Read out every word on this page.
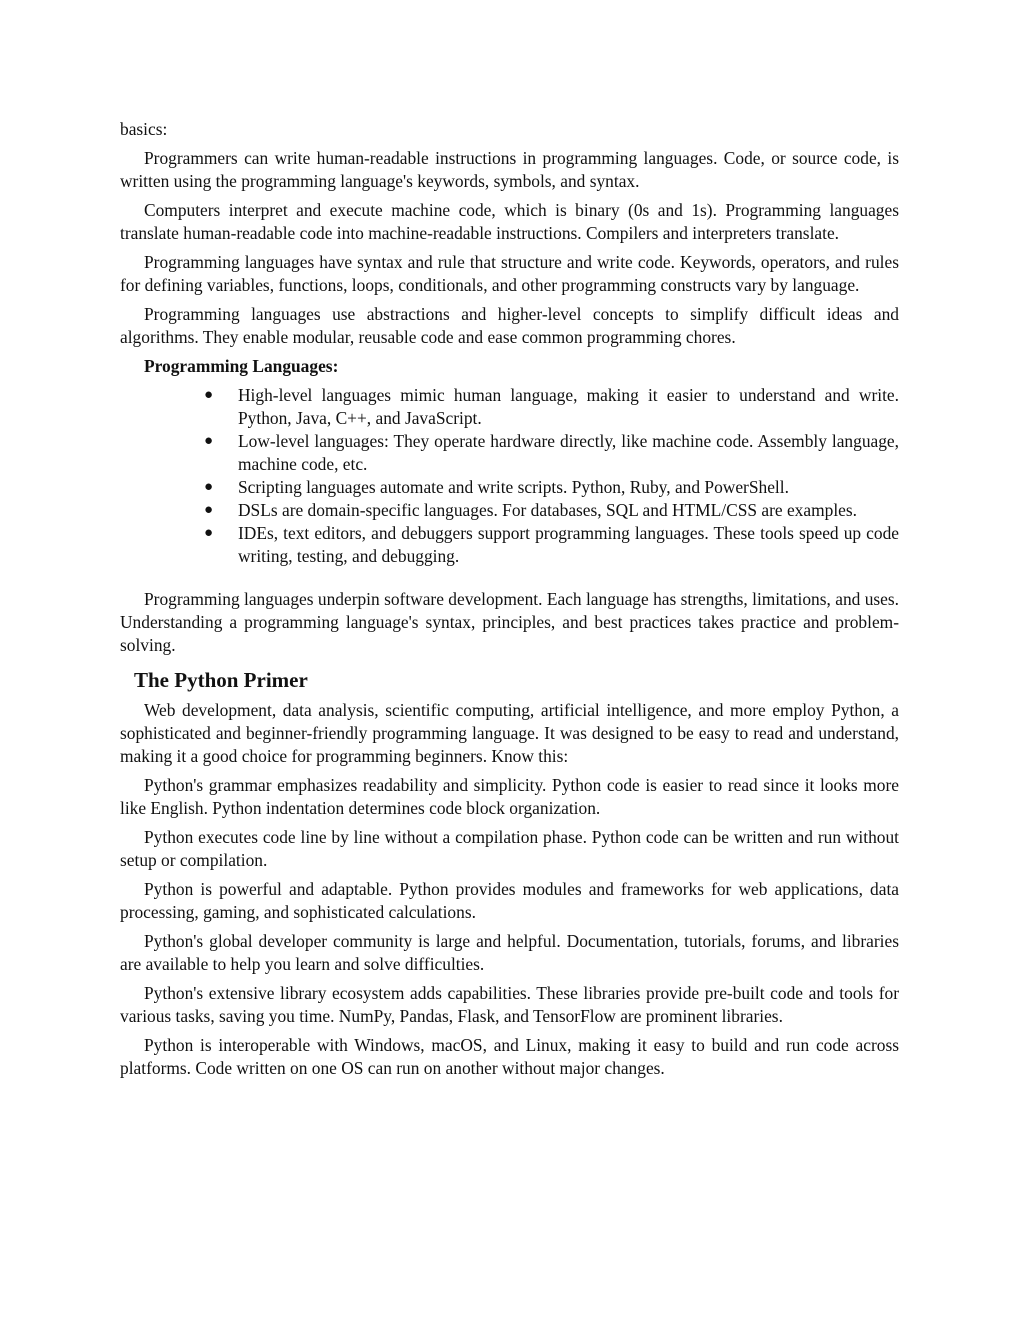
basics:

Programmers can write human-readable instructions in programming languages. Code, or source code, is written using the programming language's keywords, symbols, and syntax.

Computers interpret and execute machine code, which is binary (0s and 1s). Programming languages translate human-readable code into machine-readable instructions. Compilers and interpreters translate.

Programming languages have syntax and rule that structure and write code. Keywords, operators, and rules for defining variables, functions, loops, conditionals, and other programming constructs vary by language.

Programming languages use abstractions and higher-level concepts to simplify difficult ideas and algorithms. They enable modular, reusable code and ease common programming chores.

Programming Languages:
● High-level languages mimic human language, making it easier to understand and write. Python, Java, C++, and JavaScript.
● Low-level languages: They operate hardware directly, like machine code. Assembly language, machine code, etc.
● Scripting languages automate and write scripts. Python, Ruby, and PowerShell.
● DSLs are domain-specific languages. For databases, SQL and HTML/CSS are examples.
● IDEs, text editors, and debuggers support programming languages. These tools speed up code writing, testing, and debugging.

Programming languages underpin software development. Each language has strengths, limitations, and uses. Understanding a programming language's syntax, principles, and best practices takes practice and problem-solving.

The Python Primer

Web development, data analysis, scientific computing, artificial intelligence, and more employ Python, a sophisticated and beginner-friendly programming language. It was designed to be easy to read and understand, making it a good choice for programming beginners. Know this:

Python's grammar emphasizes readability and simplicity. Python code is easier to read since it looks more like English. Python indentation determines code block organization.

Python executes code line by line without a compilation phase. Python code can be written and run without setup or compilation.

Python is powerful and adaptable. Python provides modules and frameworks for web applications, data processing, gaming, and sophisticated calculations.

Python's global developer community is large and helpful. Documentation, tutorials, forums, and libraries are available to help you learn and solve difficulties.

Python's extensive library ecosystem adds capabilities. These libraries provide pre-built code and tools for various tasks, saving you time. NumPy, Pandas, Flask, and TensorFlow are prominent libraries.

Python is interoperable with Windows, macOS, and Linux, making it easy to build and run code across platforms. Code written on one OS can run on another without major changes.
